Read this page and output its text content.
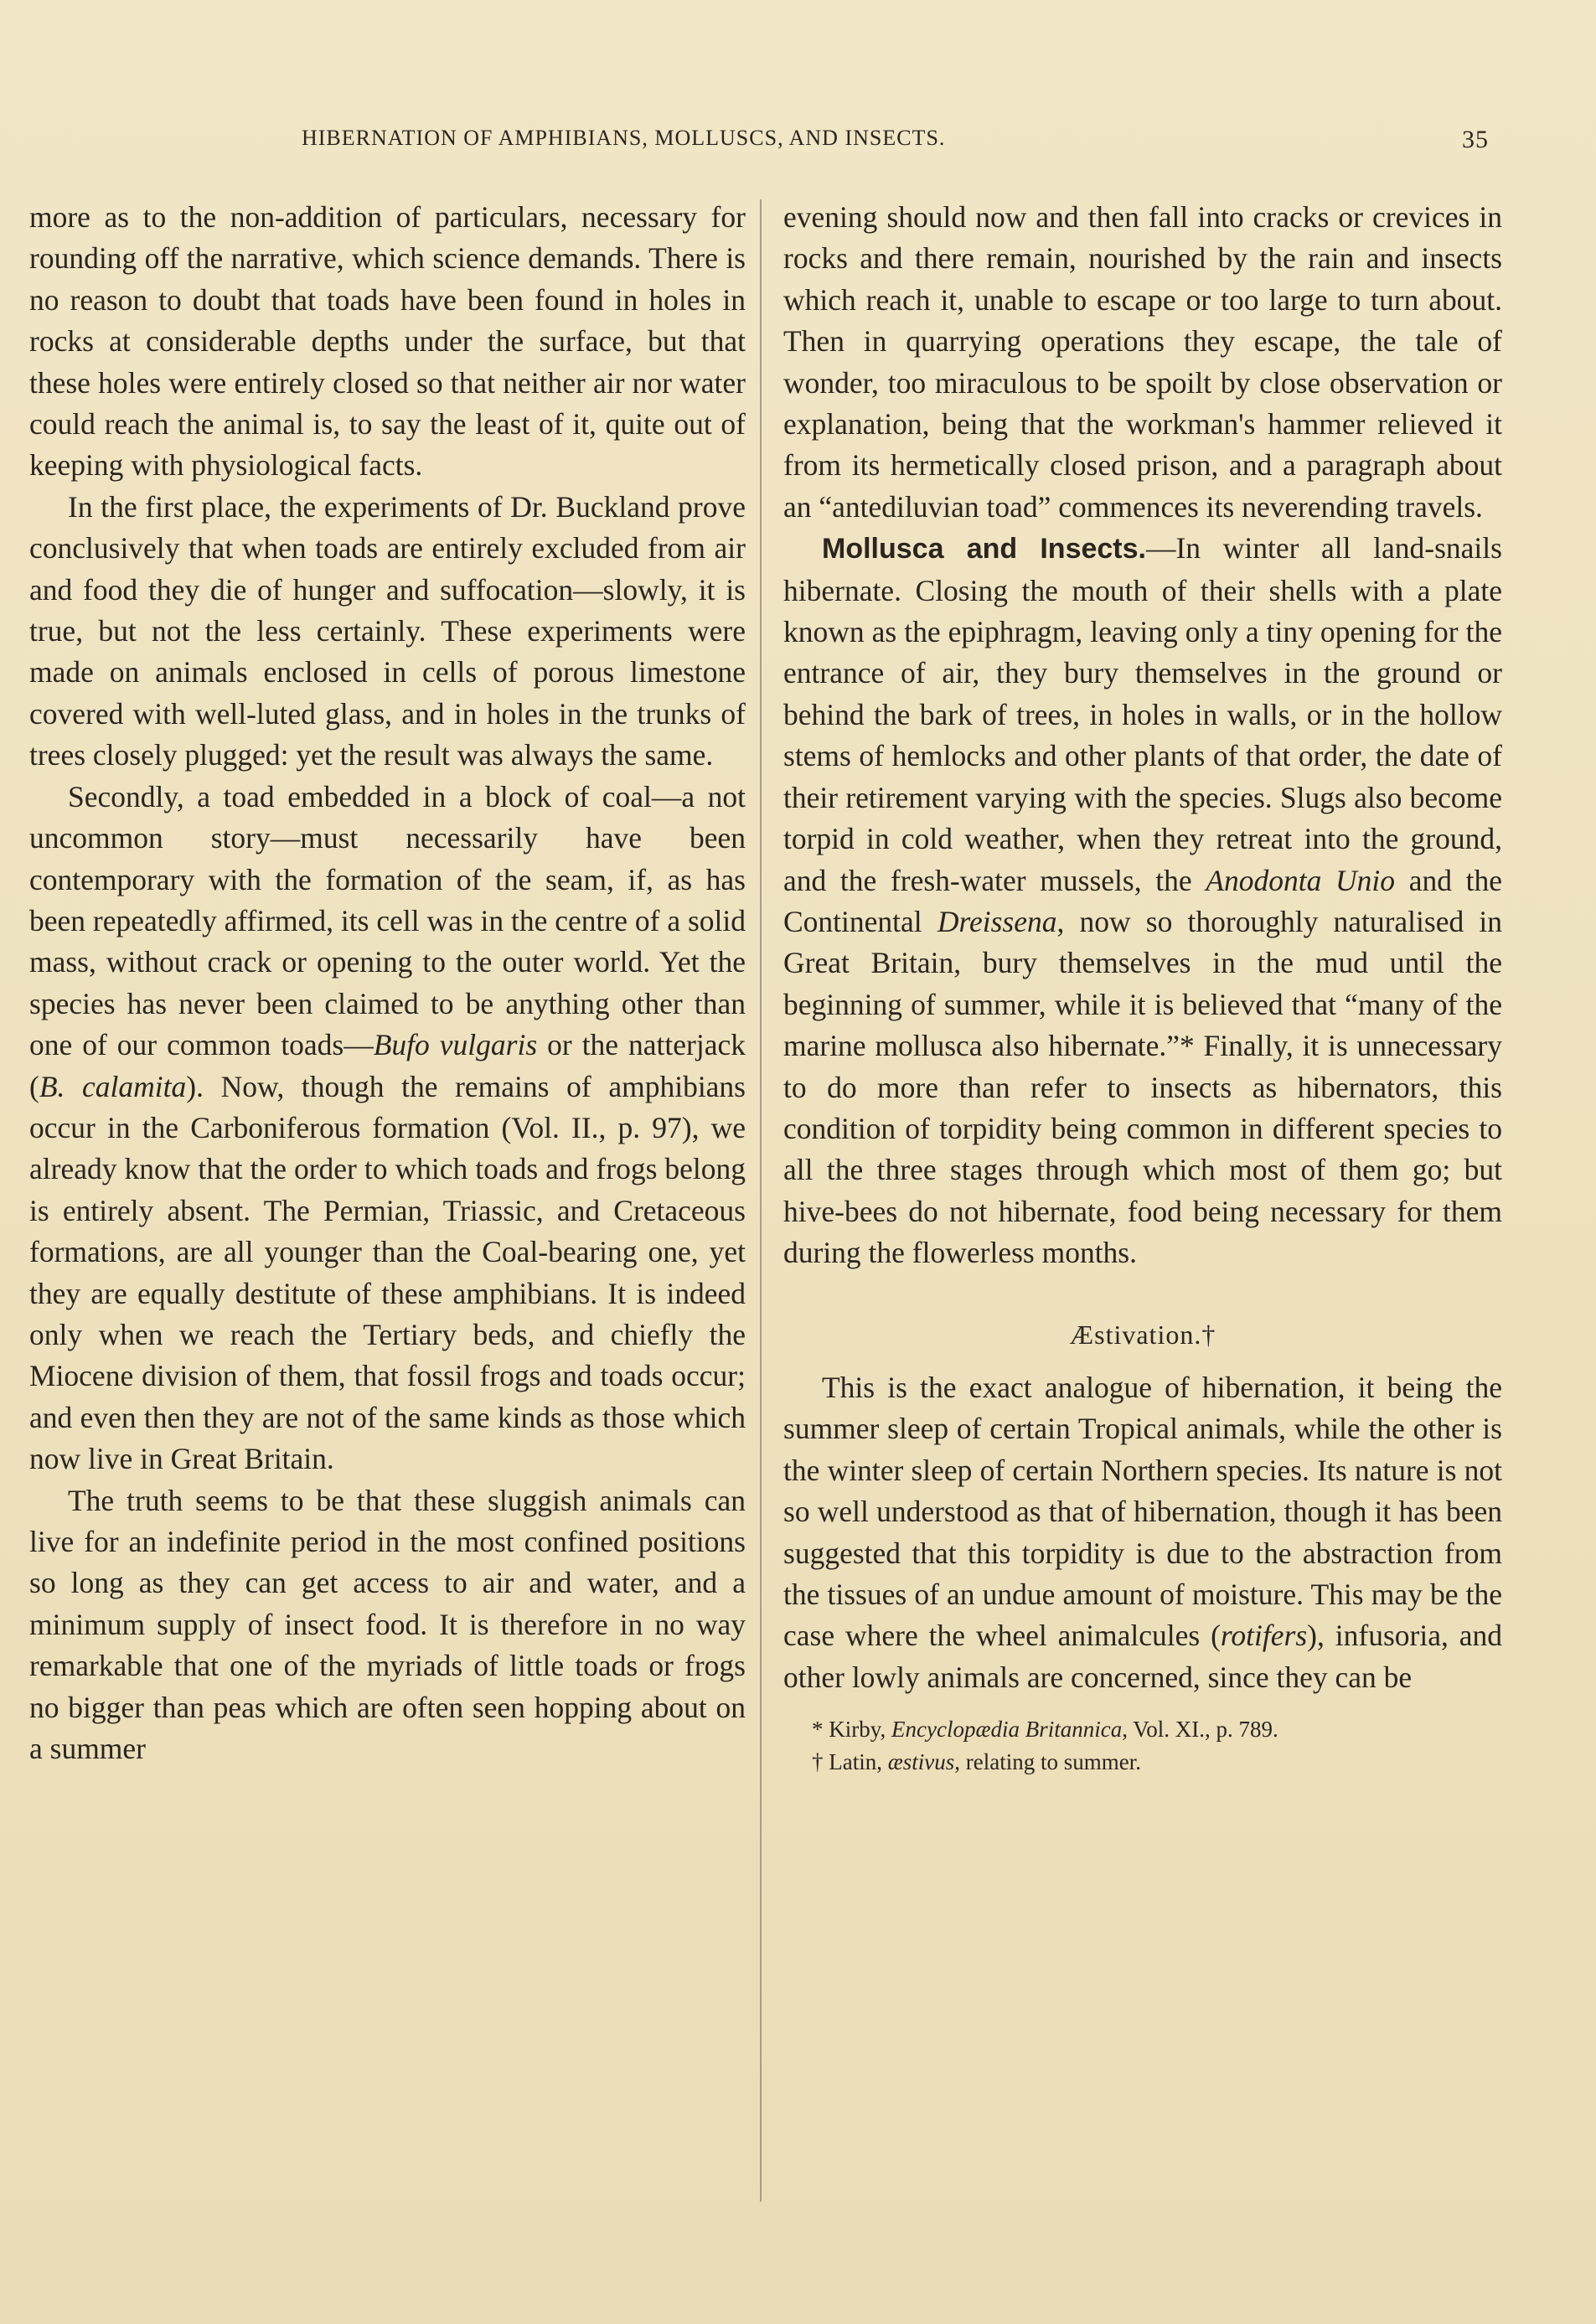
HIBERNATION OF AMPHIBIANS, MOLLUSCS, AND INSECTS.	35

more as to the non-addition of particulars, necessary for rounding off the narrative, which science demands. There is no reason to doubt that toads have been found in holes in rocks at considerable depths under the surface, but that these holes were entirely closed so that neither air nor water could reach the animal is, to say the least of it, quite out of keeping with physiological facts.

In the first place, the experiments of Dr. Buckland prove conclusively that when toads are entirely excluded from air and food they die of hunger and suffocation—slowly, it is true, but not the less certainly. These experiments were made on animals enclosed in cells of porous limestone covered with well-luted glass, and in holes in the trunks of trees closely plugged: yet the result was always the same.

Secondly, a toad embedded in a block of coal—a not uncommon story—must necessarily have been contemporary with the formation of the seam, if, as has been repeatedly affirmed, its cell was in the centre of a solid mass, without crack or opening to the outer world. Yet the species has never been claimed to be anything other than one of our common toads—Bufo vulgaris or the natterjack (B. calamita). Now, though the remains of amphibians occur in the Carboniferous formation (Vol. II., p. 97), we already know that the order to which toads and frogs belong is entirely absent. The Permian, Triassic, and Cretaceous formations, are all younger than the Coal-bearing one, yet they are equally destitute of these amphibians. It is indeed only when we reach the Tertiary beds, and chiefly the Miocene division of them, that fossil frogs and toads occur; and even then they are not of the same kinds as those which now live in Great Britain.

The truth seems to be that these sluggish animals can live for an indefinite period in the most confined positions so long as they can get access to air and water, and a minimum supply of insect food. It is therefore in no way remarkable that one of the myriads of little toads or frogs no bigger than peas which are often seen hopping about on a summer

evening should now and then fall into cracks or crevices in rocks and there remain, nourished by the rain and insects which reach it, unable to escape or too large to turn about. Then in quarrying operations they escape, the tale of wonder, too miraculous to be spoilt by close observation or explanation, being that the workman's hammer relieved it from its hermetically closed prison, and a paragraph about an “antediluvian toad” commences its neverending travels.

Mollusca and Insects.—In winter all land-snails hibernate. Closing the mouth of their shells with a plate known as the epiphragm, leaving only a tiny opening for the entrance of air, they bury themselves in the ground or behind the bark of trees, in holes in walls, or in the hollow stems of hemlocks and other plants of that order, the date of their retirement varying with the species. Slugs also become torpid in cold weather, when they retreat into the ground, and the fresh-water mussels, the Anodonta Unio and the Continental Dreissena, now so thoroughly naturalised in Great Britain, bury themselves in the mud until the beginning of summer, while it is believed that “many of the marine mollusca also hibernate.”* Finally, it is unnecessary to do more than refer to insects as hibernators, this condition of torpidity being common in different species to all the three stages through which most of them go; but hive-bees do not hibernate, food being necessary for them during the flowerless months.

Æstivation.†

This is the exact analogue of hibernation, it being the summer sleep of certain Tropical animals, while the other is the winter sleep of certain Northern species. Its nature is not so well understood as that of hibernation, though it has been suggested that this torpidity is due to the abstraction from the tissues of an undue amount of moisture. This may be the case where the wheel animalcules (rotifers), infusoria, and other lowly animals are concerned, since they can be

* Kirby, Encyclopædia Britannica, Vol. XI., p. 789.

† Latin, æstivus, relating to summer.
